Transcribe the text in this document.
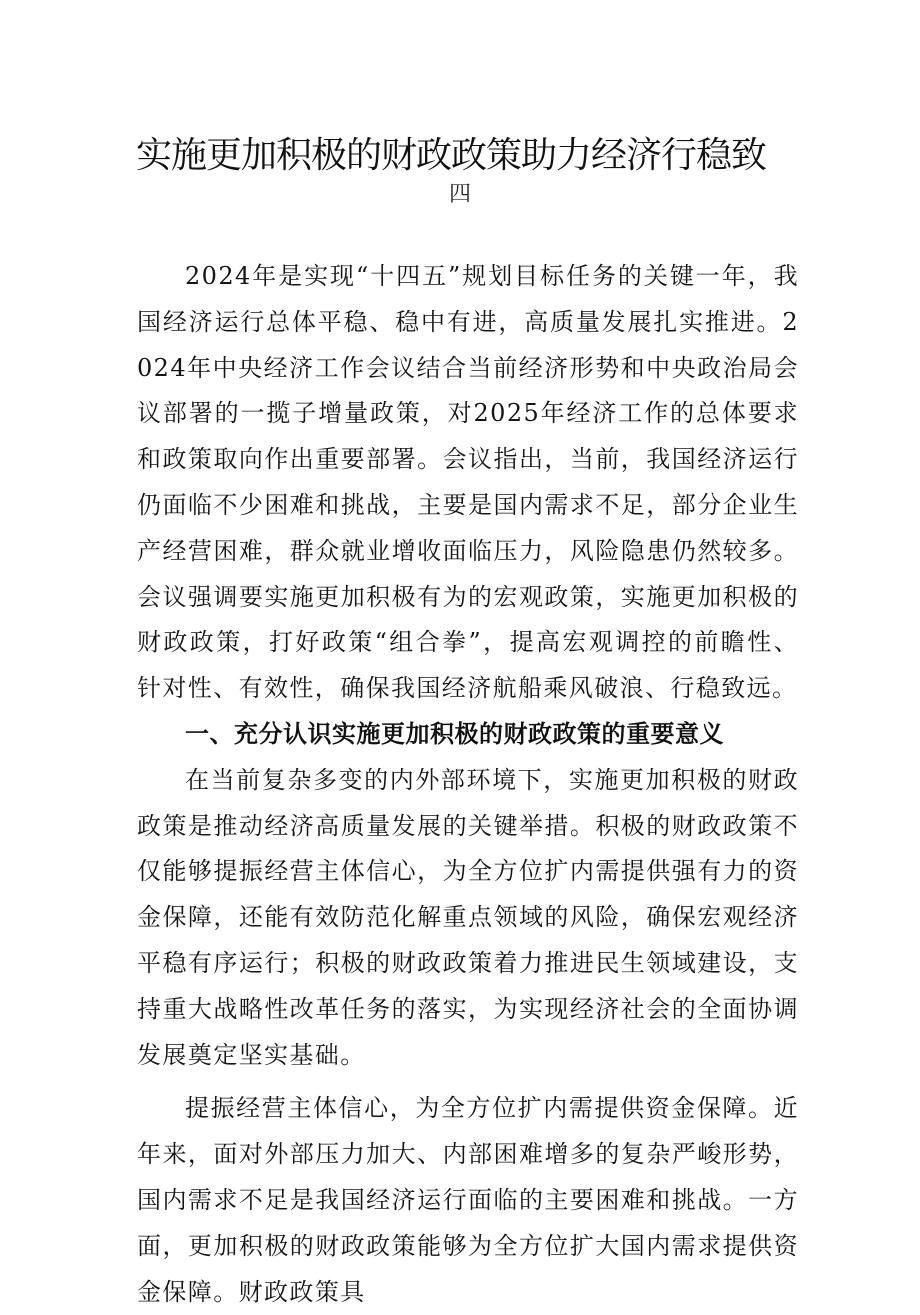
实施更加积极的财政政策助力经济行稳致
四

2024年是实现“十四五”规划目标任务的关键一年，我国经济运行总体平稳、稳中有进，高质量发展扎实推进。2024年中央经济工作会议结合当前经济形势和中央政治局会议部署的一揽子增量政策，对2025年经济工作的总体要求和政策取向作出重要部署。会议指出，当前，我国经济运行仍面临不少困难和挑战，主要是国内需求不足，部分企业生产经营困难，群众就业增收面临压力，风险隐患仍然较多。会议强调要实施更加积极有为的宏观政策，实施更加积极的财政政策，打好政策“组合拳”，提高宏观调控的前瞻性、针对性、有效性，确保我国经济航船乘风破浪、行稳致远。

一、充分认识实施更加积极的财政政策的重要意义

在当前复杂多变的内外部环境下，实施更加积极的财政政策是推动经济高质量发展的关键举措。积极的财政政策不仅能够提振经营主体信心，为全方位扩内需提供强有力的资金保障，还能有效防范化解重点领域的风险，确保宏观经济平稳有序运行；积极的财政政策着力推进民生领域建设，支持重大战略性改革任务的落实，为实现经济社会的全面协调发展奠定坚实基础。

提振经营主体信心，为全方位扩内需提供资金保障。近年来，面对外部压力加大、内部困难增多的复杂严峻形势，国内需求不足是我国经济运行面临的主要困难和挑战。一方面，更加积极的财政政策能够为全方位扩大国内需求提供资金保障。财政政策具
